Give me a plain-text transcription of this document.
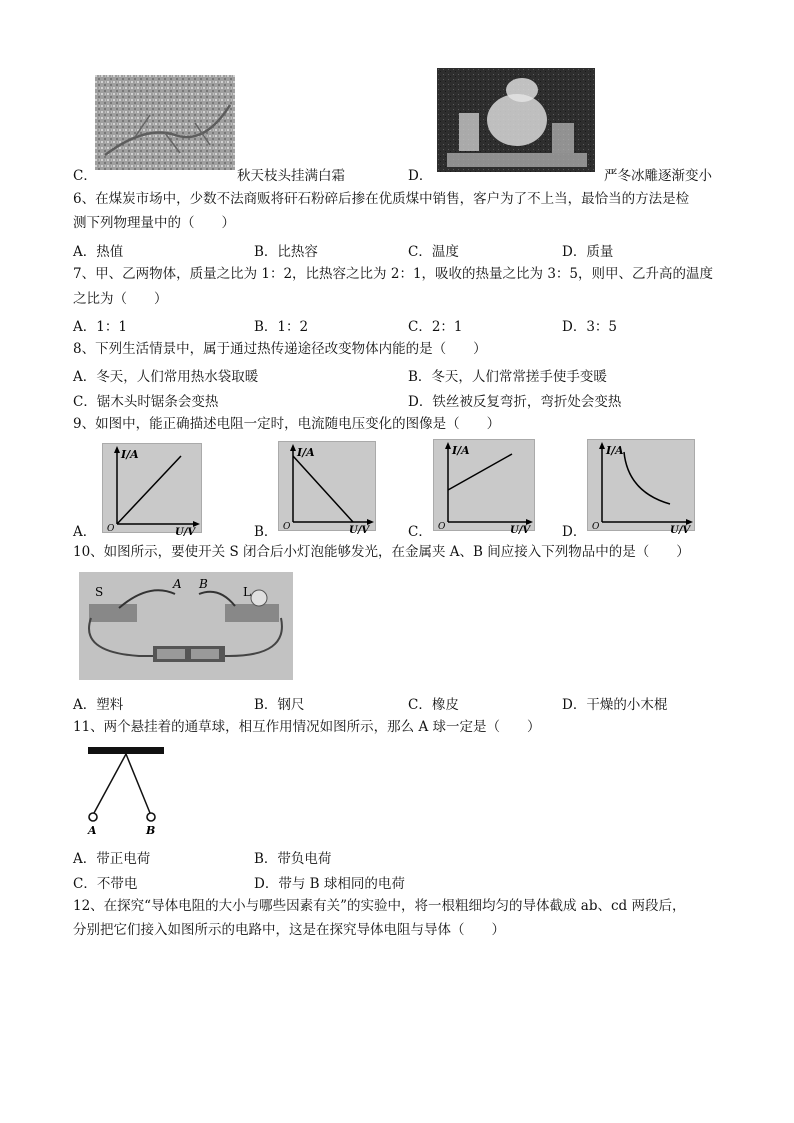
C．	秋天枝头挂满白霜	D．	严冬冰雕逐渐变小
6、在煤炭市场中，少数不法商贩将矸石粉碎后掺在优质煤中销售，客户为了不上当，最恰当的方法是检
测下列物理量中的（　　）
A．热值	B．比热容	C．温度	D．质量
7、甲、乙两物体，质量之比为 1：2，比热容之比为 2：1，吸收的热量之比为 3：5，则甲、乙升高的温度
之比为（　　）
A．1：1	B．1：2	C．2：1	D．3：5
8、下列生活情景中，属于通过热传递途径改变物体内能的是（　　）
A．冬天，人们常用热水袋取暖	B．冬天，人们常常搓手使手变暖
C．锯木头时锯条会变热	D．铁丝被反复弯折，弯折处会变热
9、如图中，能正确描述电阻一定时，电流随电压变化的图像是（　　）
A．
I/A
O	U/V	B．
I/A
O	U/V	C．
I/A
O	U/V D．
I/A
O	U/V
10、如图所示，要使开关 S 闭合后小灯泡能够发光，在金属夹 A、B 间应接入下列物品中的是（　　）
S
A B
L
A．塑料	B．钢尺	C．橡皮	D．干燥的小木棍
11、两个悬挂着的通草球，相互作用情况如图所示，那么 A 球一定是（　　）
A	B
A．带正电荷	B．带负电荷
C．不带电	D．带与 B 球相同的电荷
12、在探究“导体电阻的大小与哪些因素有关”的实验中，将一根粗细均匀的导体截成 ab、cd 两段后，
分别把它们接入如图所示的电路中，这是在探究导体电阻与导体（　　）
